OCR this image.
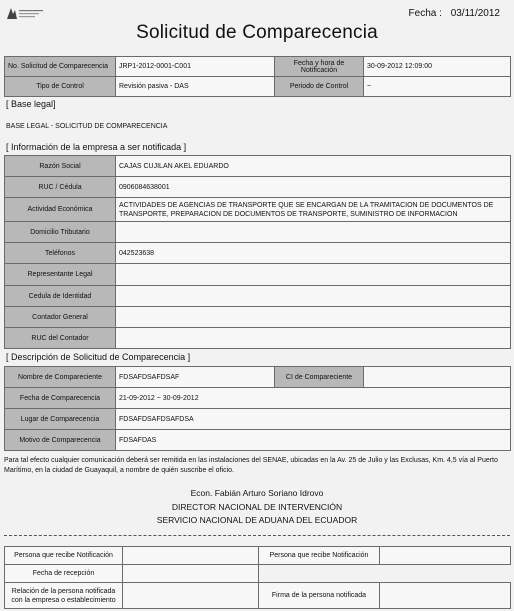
Fecha : 03/11/2012
Solicitud de Comparecencia
No. Solicitud de Comparecencia	JRP1-2012-0001-C001	Fecha y hora de Notificación	30-09-2012 12:09:00
Tipo de Control	Revisión pasiva - DAS	Periodo de Control	~
[ Base legal]
BASE LEGAL - SOLICITUD DE COMPARECENCIA
[ Información de la empresa a ser notificada ]
Razón Social	CAJAS CUJILAN AKEL EDUARDO
RUC / Cédula	0906084638001
Actividad Económica	ACTIVIDADES DE AGENCIAS DE TRANSPORTE QUE SE ENCARGAN DE LA TRAMITACION DE DOCUMENTOS DE TRANSPORTE, PREPARACION DE DOCUMENTOS DE TRANSPORTE, SUMINISTRO DE INFORMACION
Domicilio Tributario	
Teléfonos	042523638
Representante Legal	
Cedula de Identidad	
Contador General	
RUC del Contador	
[ Descripción de Solicitud de Comparecencia ]
Nombre de Compareciente	FDSAFDSAFDSAF	CI de Compareciente	
Fecha de Comparecencia	21-09-2012 ~ 30-09-2012		
Lugar de Comparecencia	FDSAFDSAFDSAFDSA		
Motivo de Comparecencia	FDSAFDAS		
Para tal efecto cualquier comunicación deberá ser remitida en las instalaciones del SENAE, ubicadas en la Av. 25 de Julio y las Exclusas, Km. 4,5 vía al Puerto Marítimo, en la ciudad de Guayaquil, a nombre de quién suscribe el oficio.
Econ. Fabián Arturo Soriano Idrovo
DIRECTOR NACIONAL DE INTERVENCIÓN
SERVICIO NACIONAL DE ADUANA DEL ECUADOR
Persona que recibe Notificación		Persona que recibe Notificación	
Fecha de recepción			
Relación de la persona notificada con la empresa o establecimiento		Firma de la persona notificada	
